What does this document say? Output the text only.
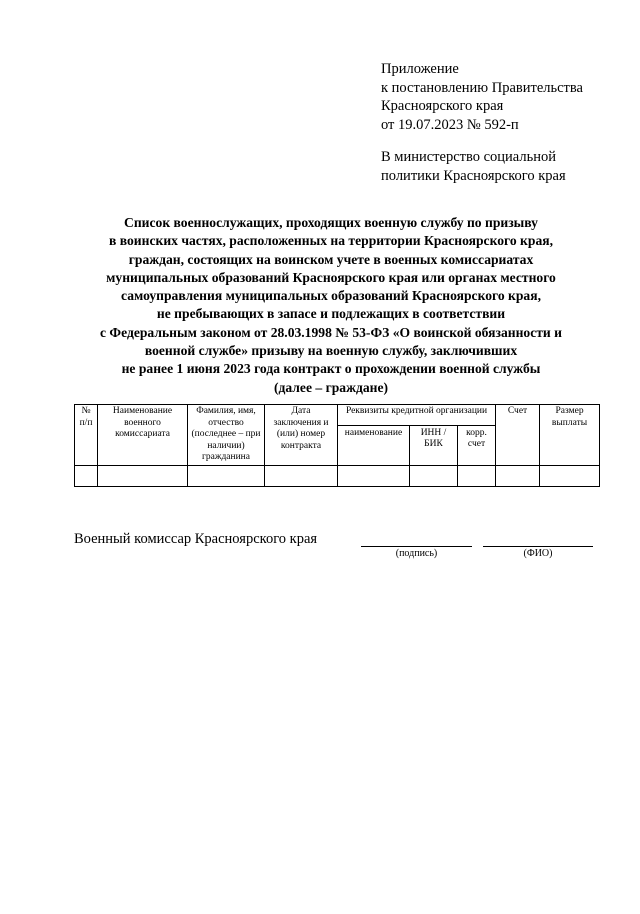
Приложение
к постановлению Правительства
Красноярского края
от 19.07.2023 № 592-п
В министерство социальной
политики Красноярского края
Список военнослужащих, проходящих военную службу по призыву
в воинских частях, расположенных на территории Красноярского края,
граждан, состоящих на воинском учете в военных комиссариатах
муниципальных образований Красноярского края или органах местного
самоуправления муниципальных образований Красноярского края,
не пребывающих в запасе и подлежащих в соответствии
с Федеральным законом от 28.03.1998 № 53-ФЗ «О воинской обязанности и
военной службе» призыву на военную службу, заключивших
не ранее 1 июня 2023 года контракт о прохождении военной службы
(далее – граждане)
№ п/п	Наименование военного комиссариата	Фамилия, имя, отчество (последнее – при наличии) гражданина	Дата заключения и (или) номер контракта	Реквизиты кредитной организации			Счет	Размер выплаты
				наименование	ИНН / БИК	корр. счет		

Военный комиссар Красноярского края
(подпись)	(ФИО)
